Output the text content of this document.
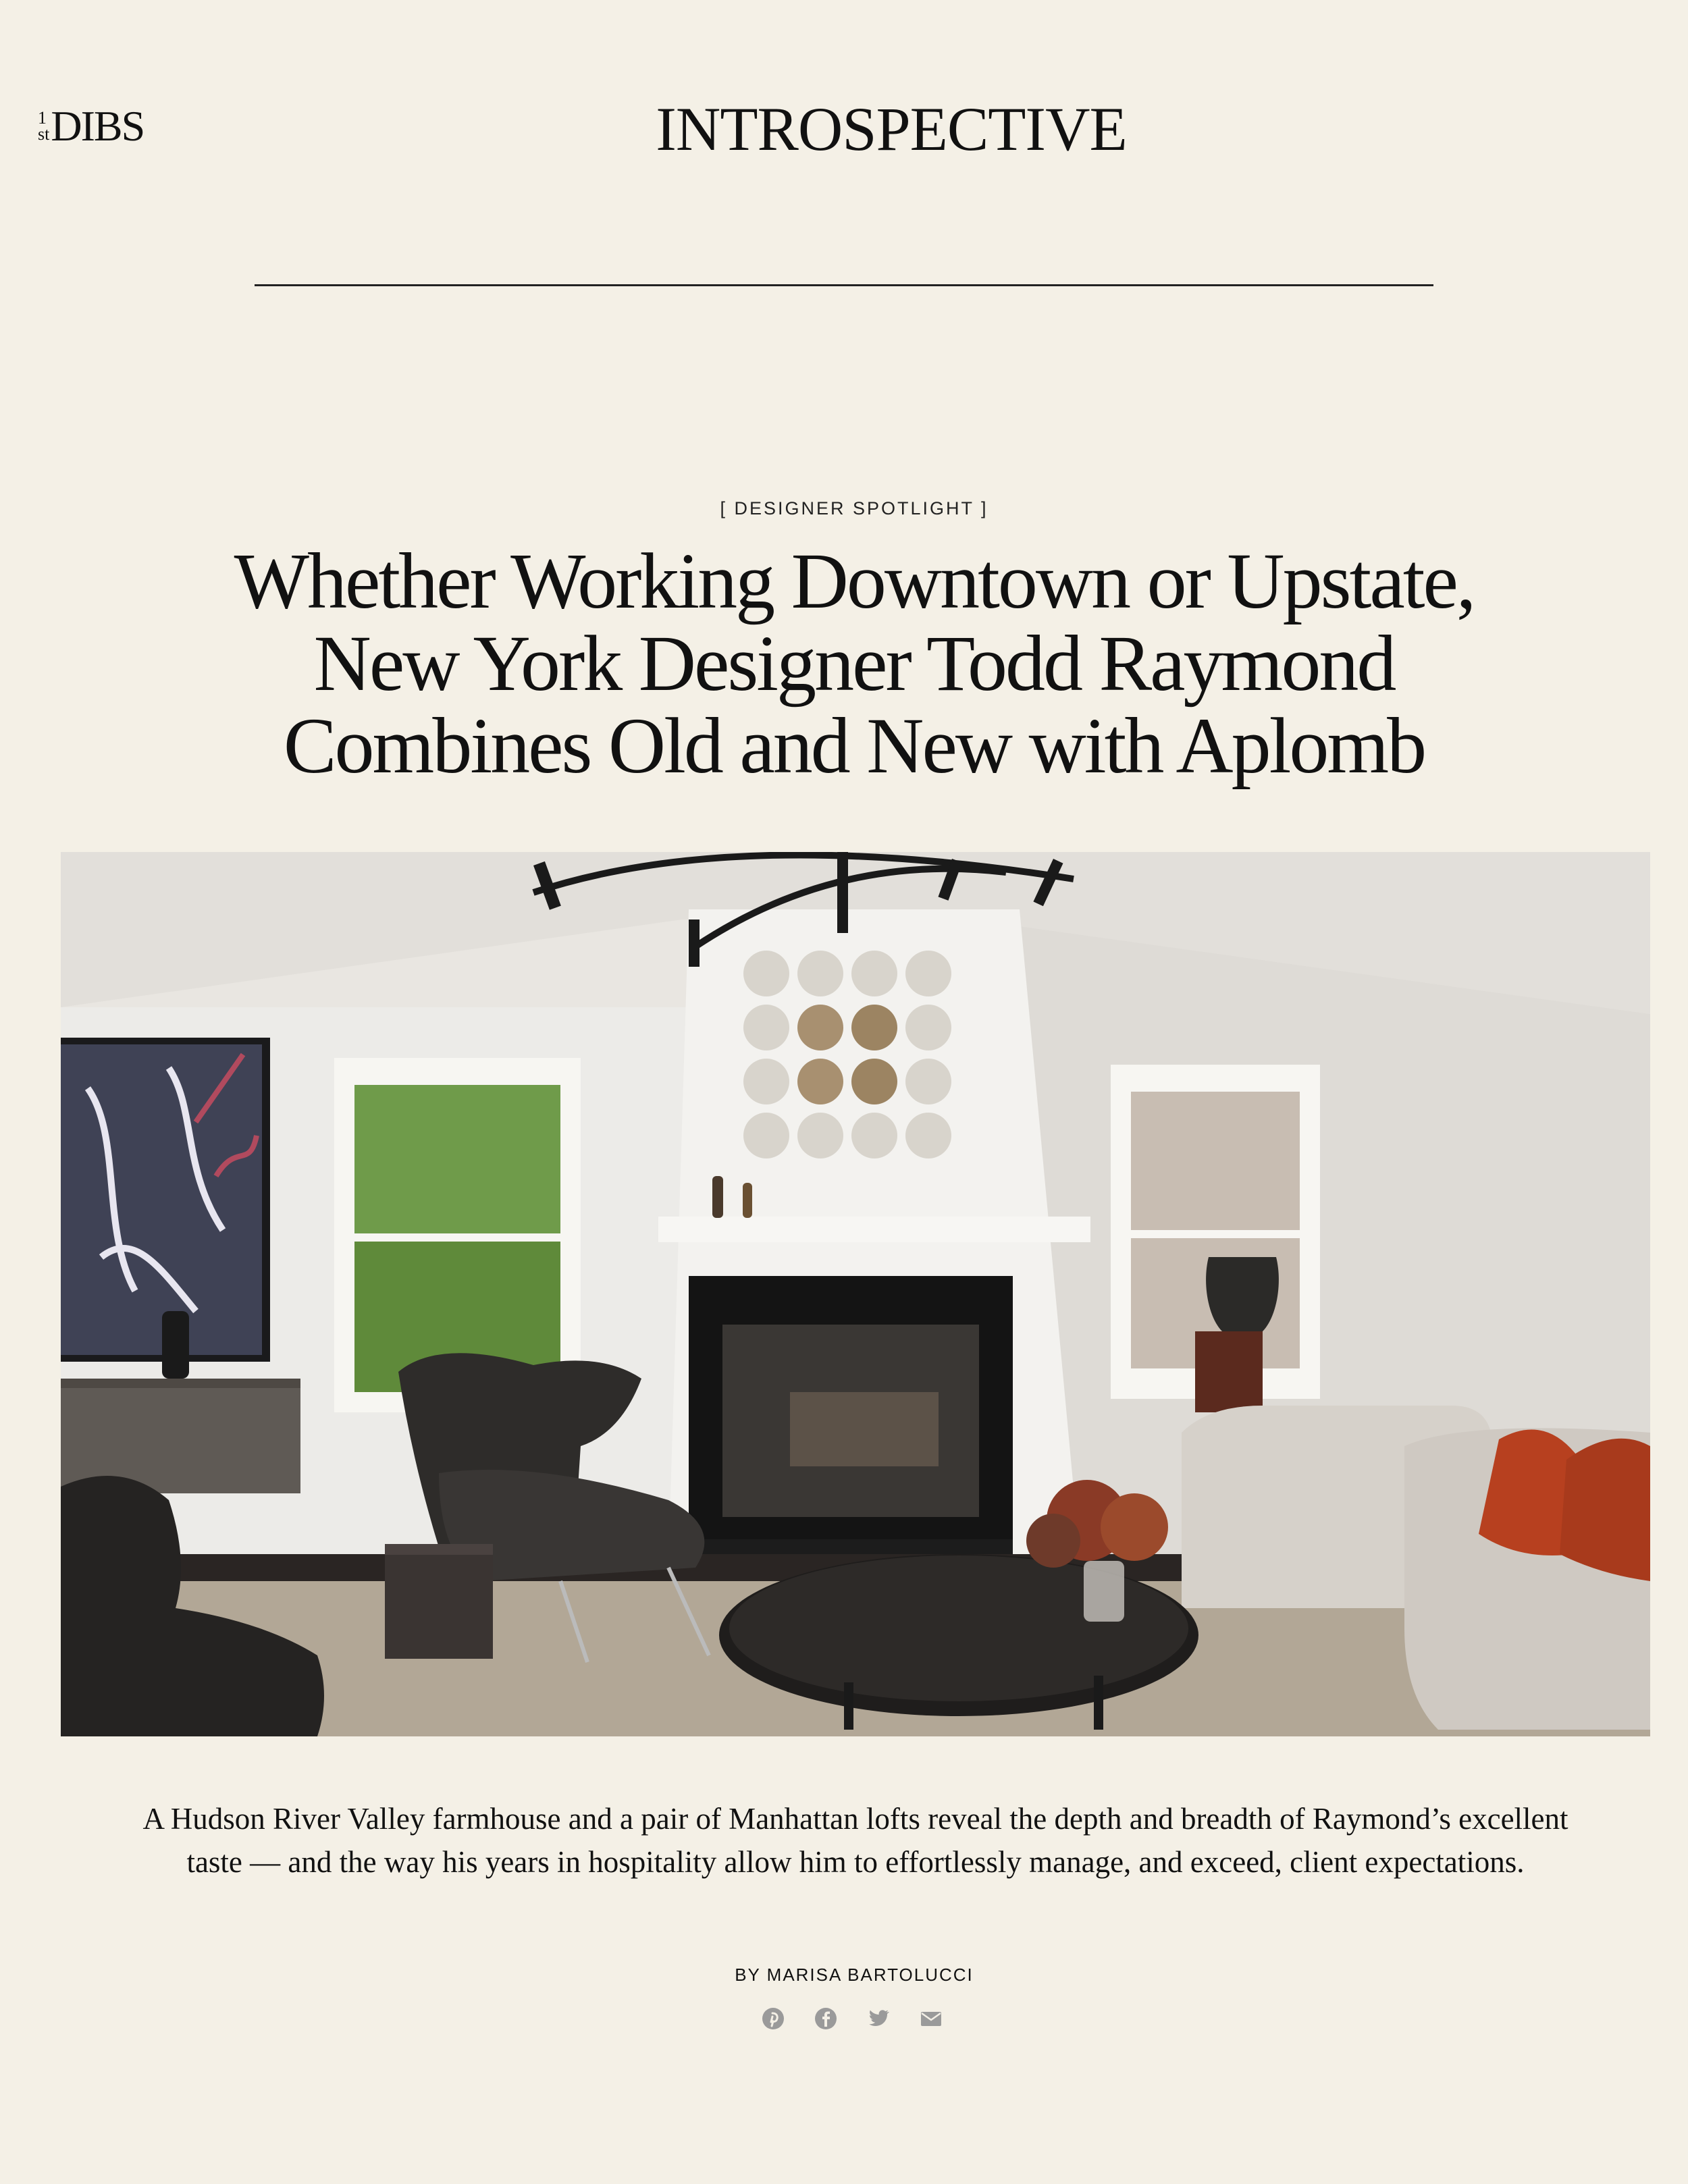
1
st DIBS	INTROSPECTIVE
[ DESIGNER SPOTLIGHT ]
Whether Working Downtown or Upstate,
New York Designer Todd Raymond
Combines Old and New with Aplomb

A Hudson River Valley farmhouse and a pair of Manhattan lofts reveal the depth and breadth of Raymond’s excellent taste — and the way his years in hospitality allow him to effortlessly manage, and exceed, client expectations.

BY MARISA BARTOLUCCI
